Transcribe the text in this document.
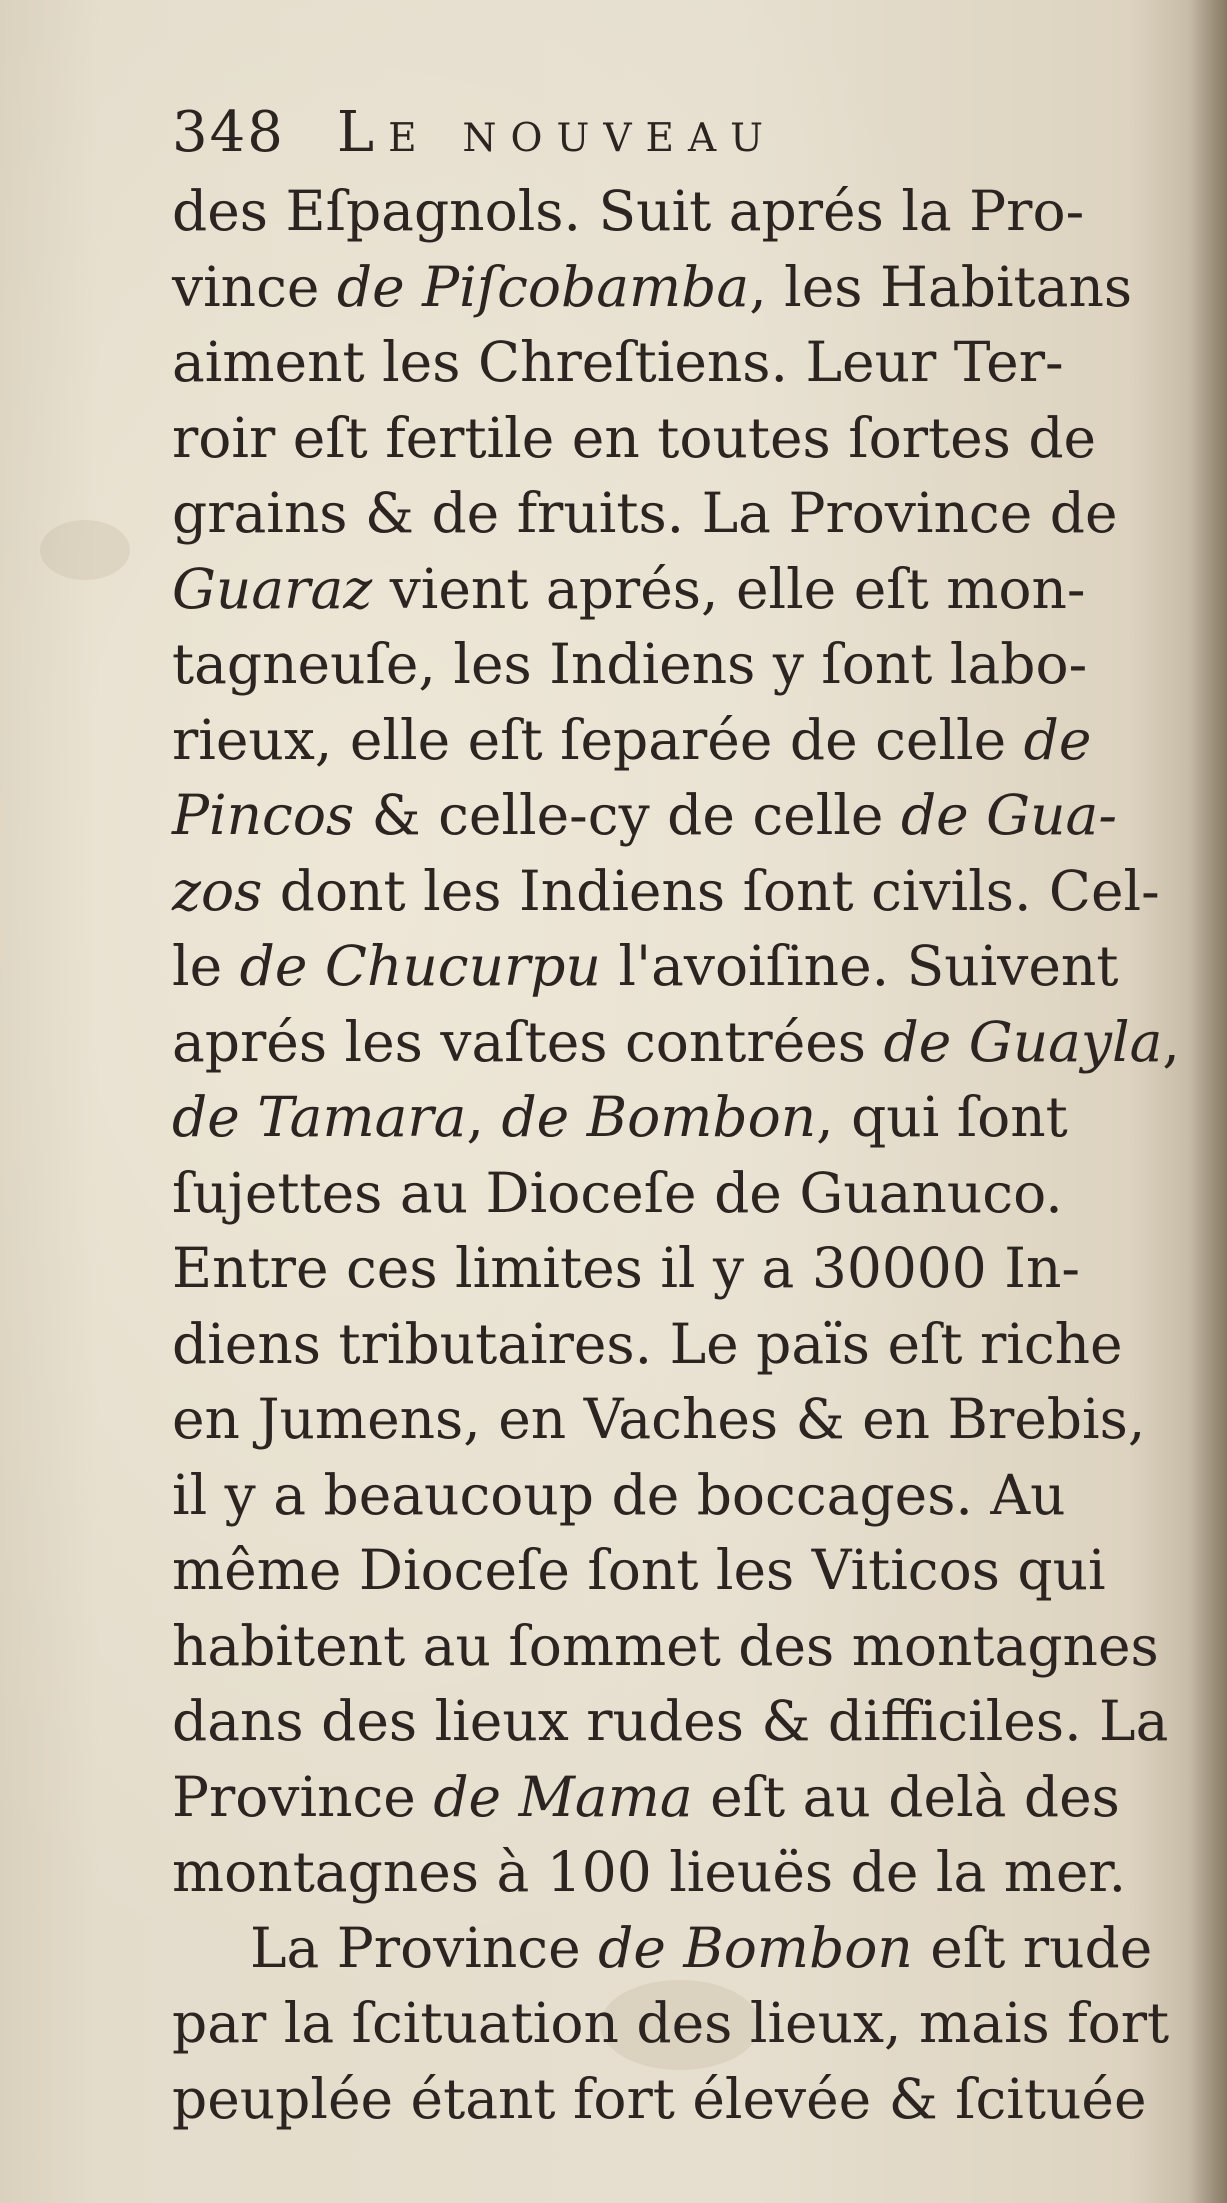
348 Le nouveau
des Eſpagnols. Suit aprés la Pro-
vince de Piſcobamba, les Habitans
aiment les Chreſtiens. Leur Ter-
roir eſt fertile en toutes ſortes de
grains & de fruits. La Province de
Guaraz vient aprés, elle eſt mon-
tagneuſe, les Indiens y ſont labo-
rieux, elle eſt ſeparée de celle de
Pincos & celle-cy de celle de Gua-
zos dont les Indiens ſont civils. Cel-
le de Chucurpu l'avoiſine. Suivent
aprés les vaſtes contrées de Guayla,
de Tamara, de Bombon, qui ſont
ſujettes au Dioceſe de Guanuco.
Entre ces limites il y a 30000 In-
diens tributaires. Le païs eſt riche
en Jumens, en Vaches & en Brebis,
il y a beaucoup de boccages. Au
même Dioceſe ſont les Viticos qui
habitent au ſommet des montagnes
dans des lieux rudes & difficiles. La
Province de Mama eſt au delà des
montagnes à 100 lieuës de la mer.
La Province de Bombon eſt rude
par la ſcituation des lieux, mais fort
peuplée étant fort élevée & ſcituée
